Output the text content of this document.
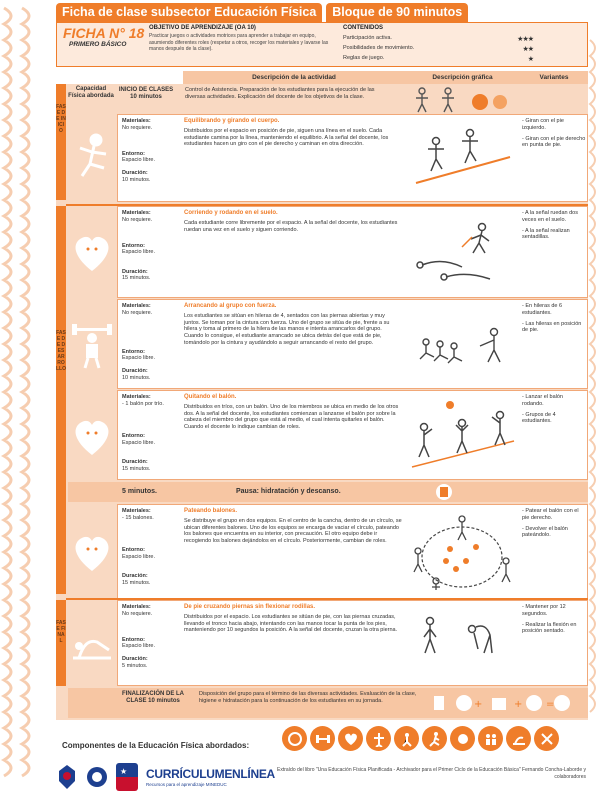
Ficha de clase subsector Educación Física	Bloque de 90 minutos
FICHA N° 18
PRIMERO BÁSICO
OBJETIVO DE APRENDIZAJE (OA 10)
Practicar juegos o actividades motrices para aprender a trabajar en equipo, asumiendo diferentes roles (respetar a otros, recoger los materiales y lavarse las manos después de la clase).
CONTENIDOS
Participación activa.	★★★
Posibilidades de movimiento.	★★
Reglas de juego.	★
Descripción de la actividad	Descripción gráfica	Variantes
FASE DE INICIO
FASE DE DESARROLLO
FASE FINAL
Capacidad Física abordada
INICIO DE CLASES 10 minutos
Control de Asistencia. Preparación de los estudiantes para la ejecución de las diversas actividades. Explicación del docente de los objetivos de la clase.
Materiales:
No requiere.

Entorno:
Espacio libre.

Duración:
10 minutos.
Equilibrando y girando el cuerpo.
Distribuidos por el espacio en posición de pie, siguen una línea en el suelo. Cada estudiante camina por la línea, manteniendo el equilibrio. A la señal del docente, los estudiantes hacen un giro con el pie derecho y caminan en otra dirección.

- Giran con el pie izquierdo.

- Giran con el pie derecho en punta de pie.

Materiales:
No requiere.

Entorno:
Espacio libre.

Duración:
15 minutos.
Corriendo y rodando en el suelo.
Cada estudiante corre libremente por el espacio. A la señal del docente, los estudiantes ruedan una vez en el suelo y siguen corriendo.

- A la señal ruedan dos veces en el suelo.

- A la señal realizan sentadillas.

Materiales:
No requiere.

Entorno:
Espacio libre.

Duración:
10 minutos.
Arrancando al grupo con fuerza.
Los estudiantes se sitúan en hileras de 4, sentados con las piernas abiertas y muy juntos. Se toman por la cintura con fuerza. Uno del grupo se sitúa de pie, frente a su hilera y toma al primero de la hilera de las manos e intenta arrancarlos del grupo. Cuando lo consigue, el estudiante arrancado se ubica detrás del que está de pie, tomándolo por la cintura y ayudándolo a seguir arrancando el resto del grupo.

- En hileras de 6 estudiantes.

- Las hileras en posición de pie.

Materiales:
- 1 balón por trío.

Entorno:
Espacio libre.

Duración:
15 minutos.
Quitando el balón.
Distribuidos en tríos, con un balón. Uno de los miembros se ubica en medio de los otros dos. A la señal del docente, los estudiantes comienzan a lanzarse el balón por sobre la cabeza del miembro del grupo que está al medio, el cual intenta quitarles el balón. Cuando el docente lo indique cambian de roles.

- Lanzar el balón rodando.

- Grupos de 4 estudiantes.

5 minutos.	Pausa: hidratación y descanso.
Materiales:
- 15 balones.

Entorno:
Espacio libre.

Duración:
15 minutos.
Pateando balones.
Se distribuye el grupo en dos equipos. En el centro de la cancha, dentro de un círculo, se ubican diferentes balones. Uno de los equipos se encarga de vaciar el círculo, pateando los balones que encuentra en su interior, con precaución. El otro equipo debe ir recogiendo los balones dejándolos en el círculo. Posteriormente, cambian de roles.

- Patear el balón con el pie derecho.

- Devolver el balón pateándolo.

Materiales:
No requiere.

Entorno:
Espacio libre.

Duración:
5 minutos.
De pie cruzando piernas sin flexionar rodillas.
Distribuidos por el espacio. Los estudiantes se sitúan de pie, con las piernas cruzadas, llevando el tronco hacia abajo, intentando con las manos tocar la punta de los pies, manteniendo por 10 segundos la posición. A la señal del docente, cruzan la otra pierna.

- Mantener por 12 segundos.

- Realizar la flexión en posición sentado.

FINALIZACIÓN DE LA CLASE 10 minutos
Disposición del grupo para el término de las diversas actividades. Evaluación de la clase, higiene e hidratación para la continuación de los estudiantes en su jornada.	+	+ =
Componentes de la Educación Física abordados:
★ CURRÍCULUMENLÍNEA
Recursos para el aprendizaje MINEDUC
Extraído del libro "Una Educación Física Planificada - Archivador para el Primer Ciclo de la Educación Básica" Fernando Concha-Laborde y colaboradores
